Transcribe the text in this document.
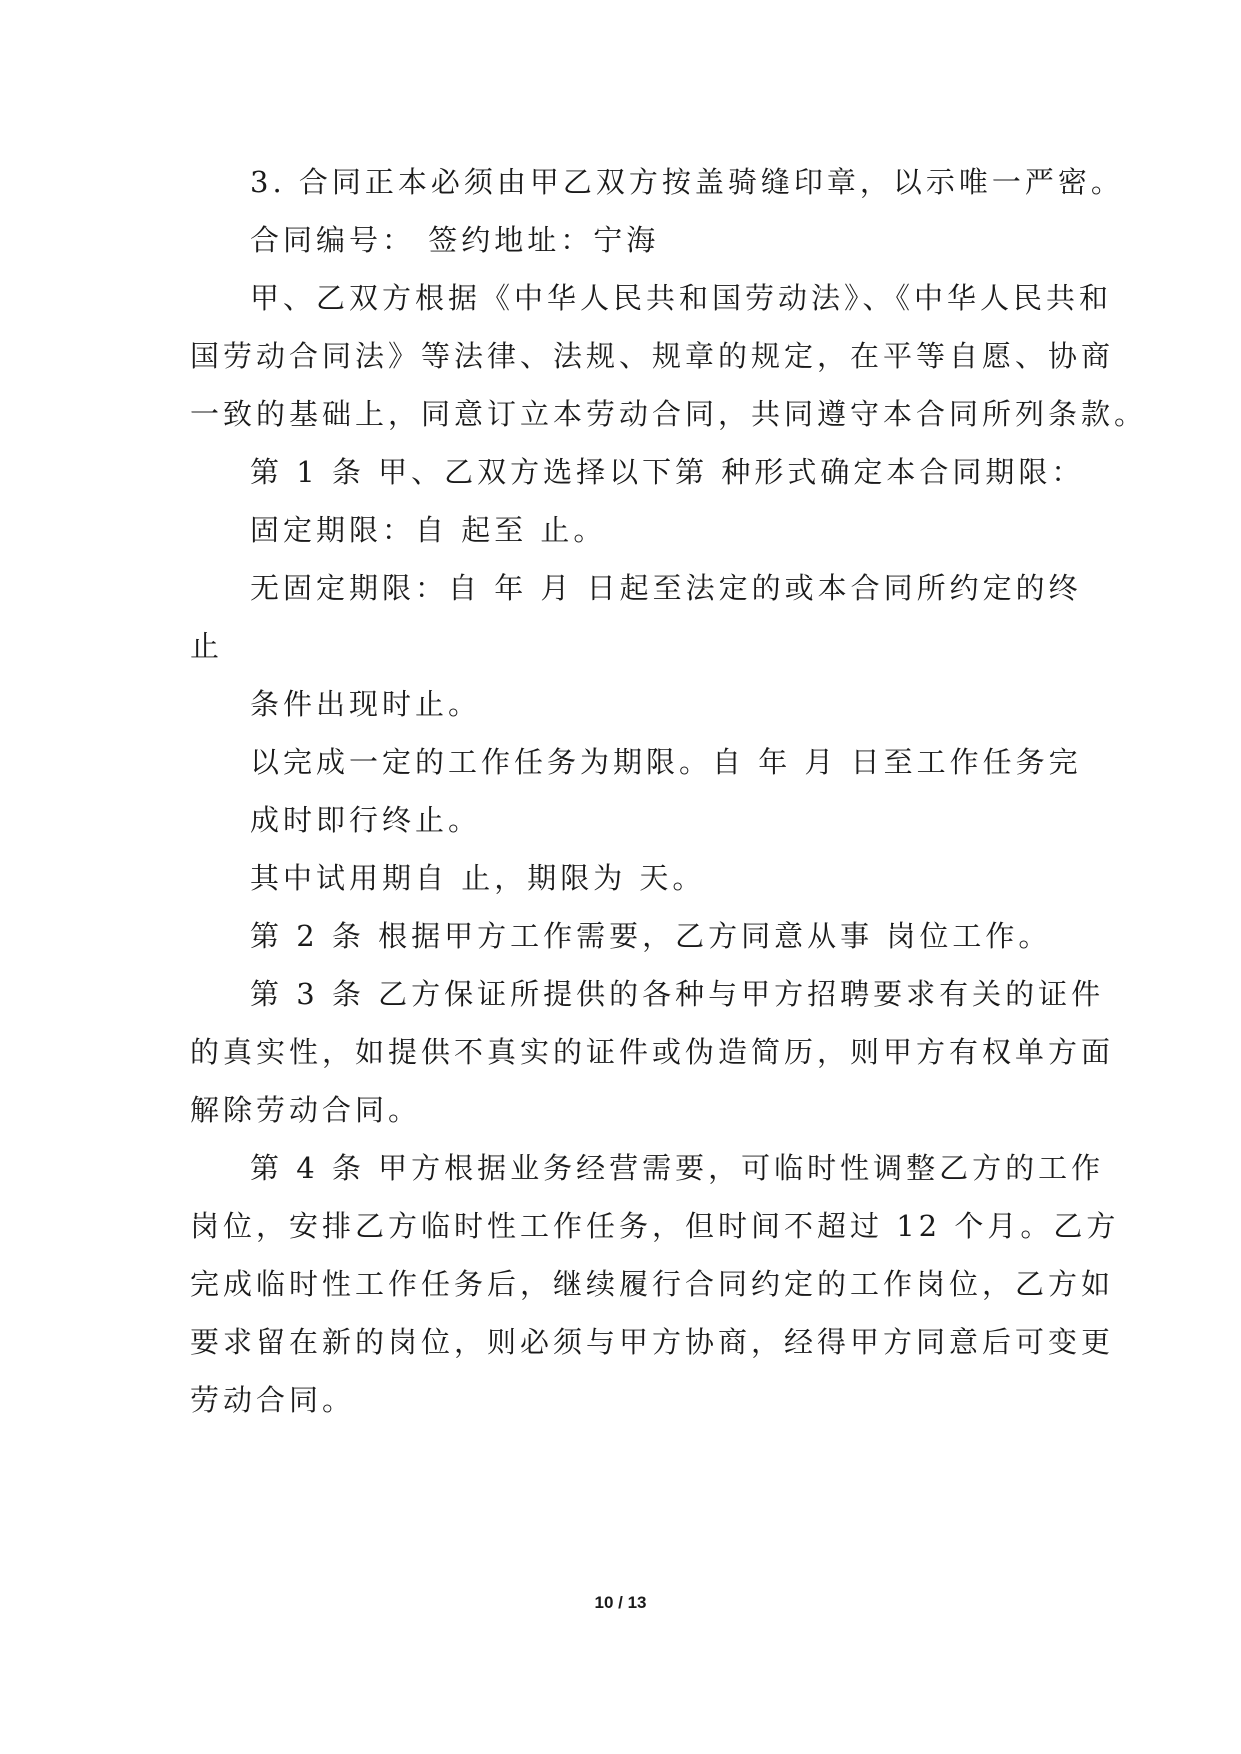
3. 合同正本必须由甲乙双方按盖骑缝印章，以示唯一严密。
合同编号： 签约地址：宁海
甲、乙双方根据《中华人民共和国劳动法》、《中华人民共和
国劳动合同法》等法律、法规、规章的规定，在平等自愿、协商
一致的基础上，同意订立本劳动合同，共同遵守本合同所列条款。
第 1 条 甲、乙双方选择以下第 种形式确定本合同期限：
固定期限：自 起至 止。
无固定期限：自 年 月 日起至法定的或本合同所约定的终
止
条件出现时止。
以完成一定的工作任务为期限。自 年 月 日至工作任务完
成时即行终止。
其中试用期自 止，期限为 天。
第 2 条 根据甲方工作需要，乙方同意从事 岗位工作。
第 3 条 乙方保证所提供的各种与甲方招聘要求有关的证件
的真实性，如提供不真实的证件或伪造简历，则甲方有权单方面
解除劳动合同。
第 4 条 甲方根据业务经营需要，可临时性调整乙方的工作
岗位，安排乙方临时性工作任务，但时间不超过 12 个月。乙方
完成临时性工作任务后，继续履行合同约定的工作岗位，乙方如
要求留在新的岗位，则必须与甲方协商，经得甲方同意后可变更
劳动合同。
10 / 13
